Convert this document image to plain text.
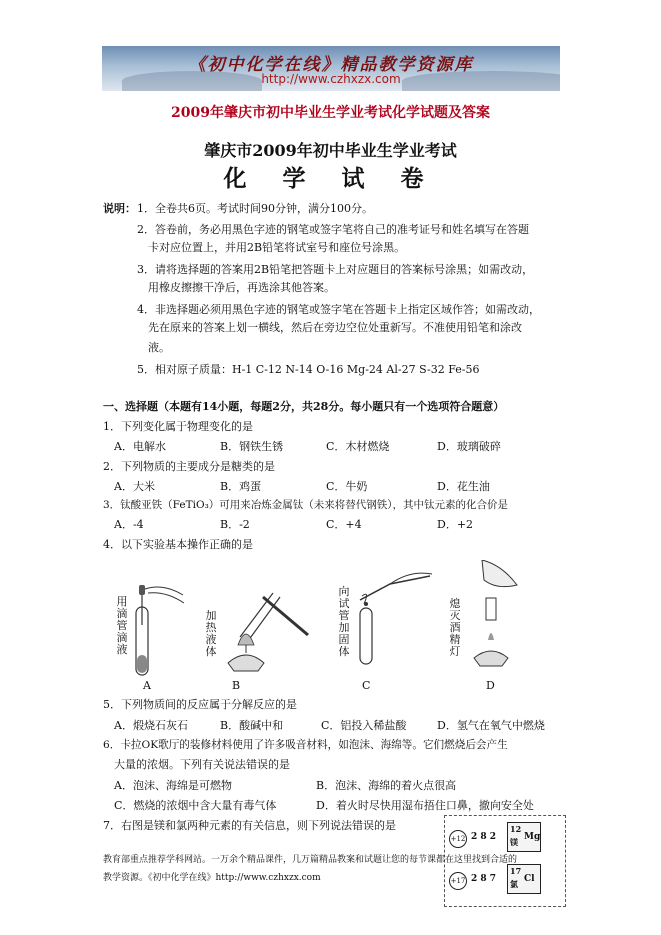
《初中化学在线》精品教学资源库
http://www.czhxzx.com
2009年肇庆市初中毕业生学业考试化学试题及答案
肇庆市2009年初中毕业生学业考试
化 学 试 卷
说明： 1．全卷共6页。考试时间90分钟，满分100分。
2．答卷前，务必用黑色字迹的钢笔或签字笔将自己的准考证号和姓名填写在答题
卡对应位置上，并用2B铅笔将试室号和座位号涂黑。
3．请将选择题的答案用2B铅笔把答题卡上对应题目的答案标号涂黑；如需改动，
用橡皮擦擦干净后，再选涂其他答案。
4．非选择题必须用黑色字迹的钢笔或签字笔在答题卡上指定区域作答；如需改动，
先在原来的答案上划一横线，然后在旁边空位处重新写。不准使用铅笔和涂改
液。
5．相对原子质量：H-1 C-12 N-14 O-16 Mg-24 Al-27 S-32 Fe-56
一、选择题（本题有14小题，每题2分，共28分。每小题只有一个选项符合题意）
1．下列变化属于物理变化的是
A．电解水	B．钢铁生锈	C．木材燃烧	D．玻璃破碎
2．下列物质的主要成分是糖类的是
A．大米	B．鸡蛋	C．牛奶	D．花生油
3．钛酸亚铁（FeTiO₃）可用来冶炼金属钛（未来将替代钢铁），其中钛元素的化合价是
A．-4	B．-2	C．+4	D．+2
4．以下实验基本操作正确的是
用滴管滴液
加热液体
向试管加固体
熄灭酒精灯
A	B	C	D
5．下列物质间的反应属于分解反应的是
A．煅烧石灰石	B．酸碱中和	C．铝投入稀盐酸	D．氢气在氧气中燃烧
6．卡拉OK歌厅的装修材料使用了许多吸音材料，如泡沫、海绵等。它们燃烧后会产生
大量的浓烟。下列有关说法错误的是
A．泡沫、海绵是可燃物	B．泡沫、海绵的着火点很高
C．燃烧的浓烟中含大量有毒气体	D．着火时尽快用湿布捂住口鼻，撤向安全处
7．右图是镁和氯两种元素的有关信息，则下列说法错误的是
+12 2 8 2
12
镁 Mg
+17 2 8 7
17
氯 Cl
教育部重点推荐学科网站。一万余个精品课件，几万篇精品教案和试题让您的每节课都在这里找到合适的
教学资源。《初中化学在线》http://www.czhxzx.com
